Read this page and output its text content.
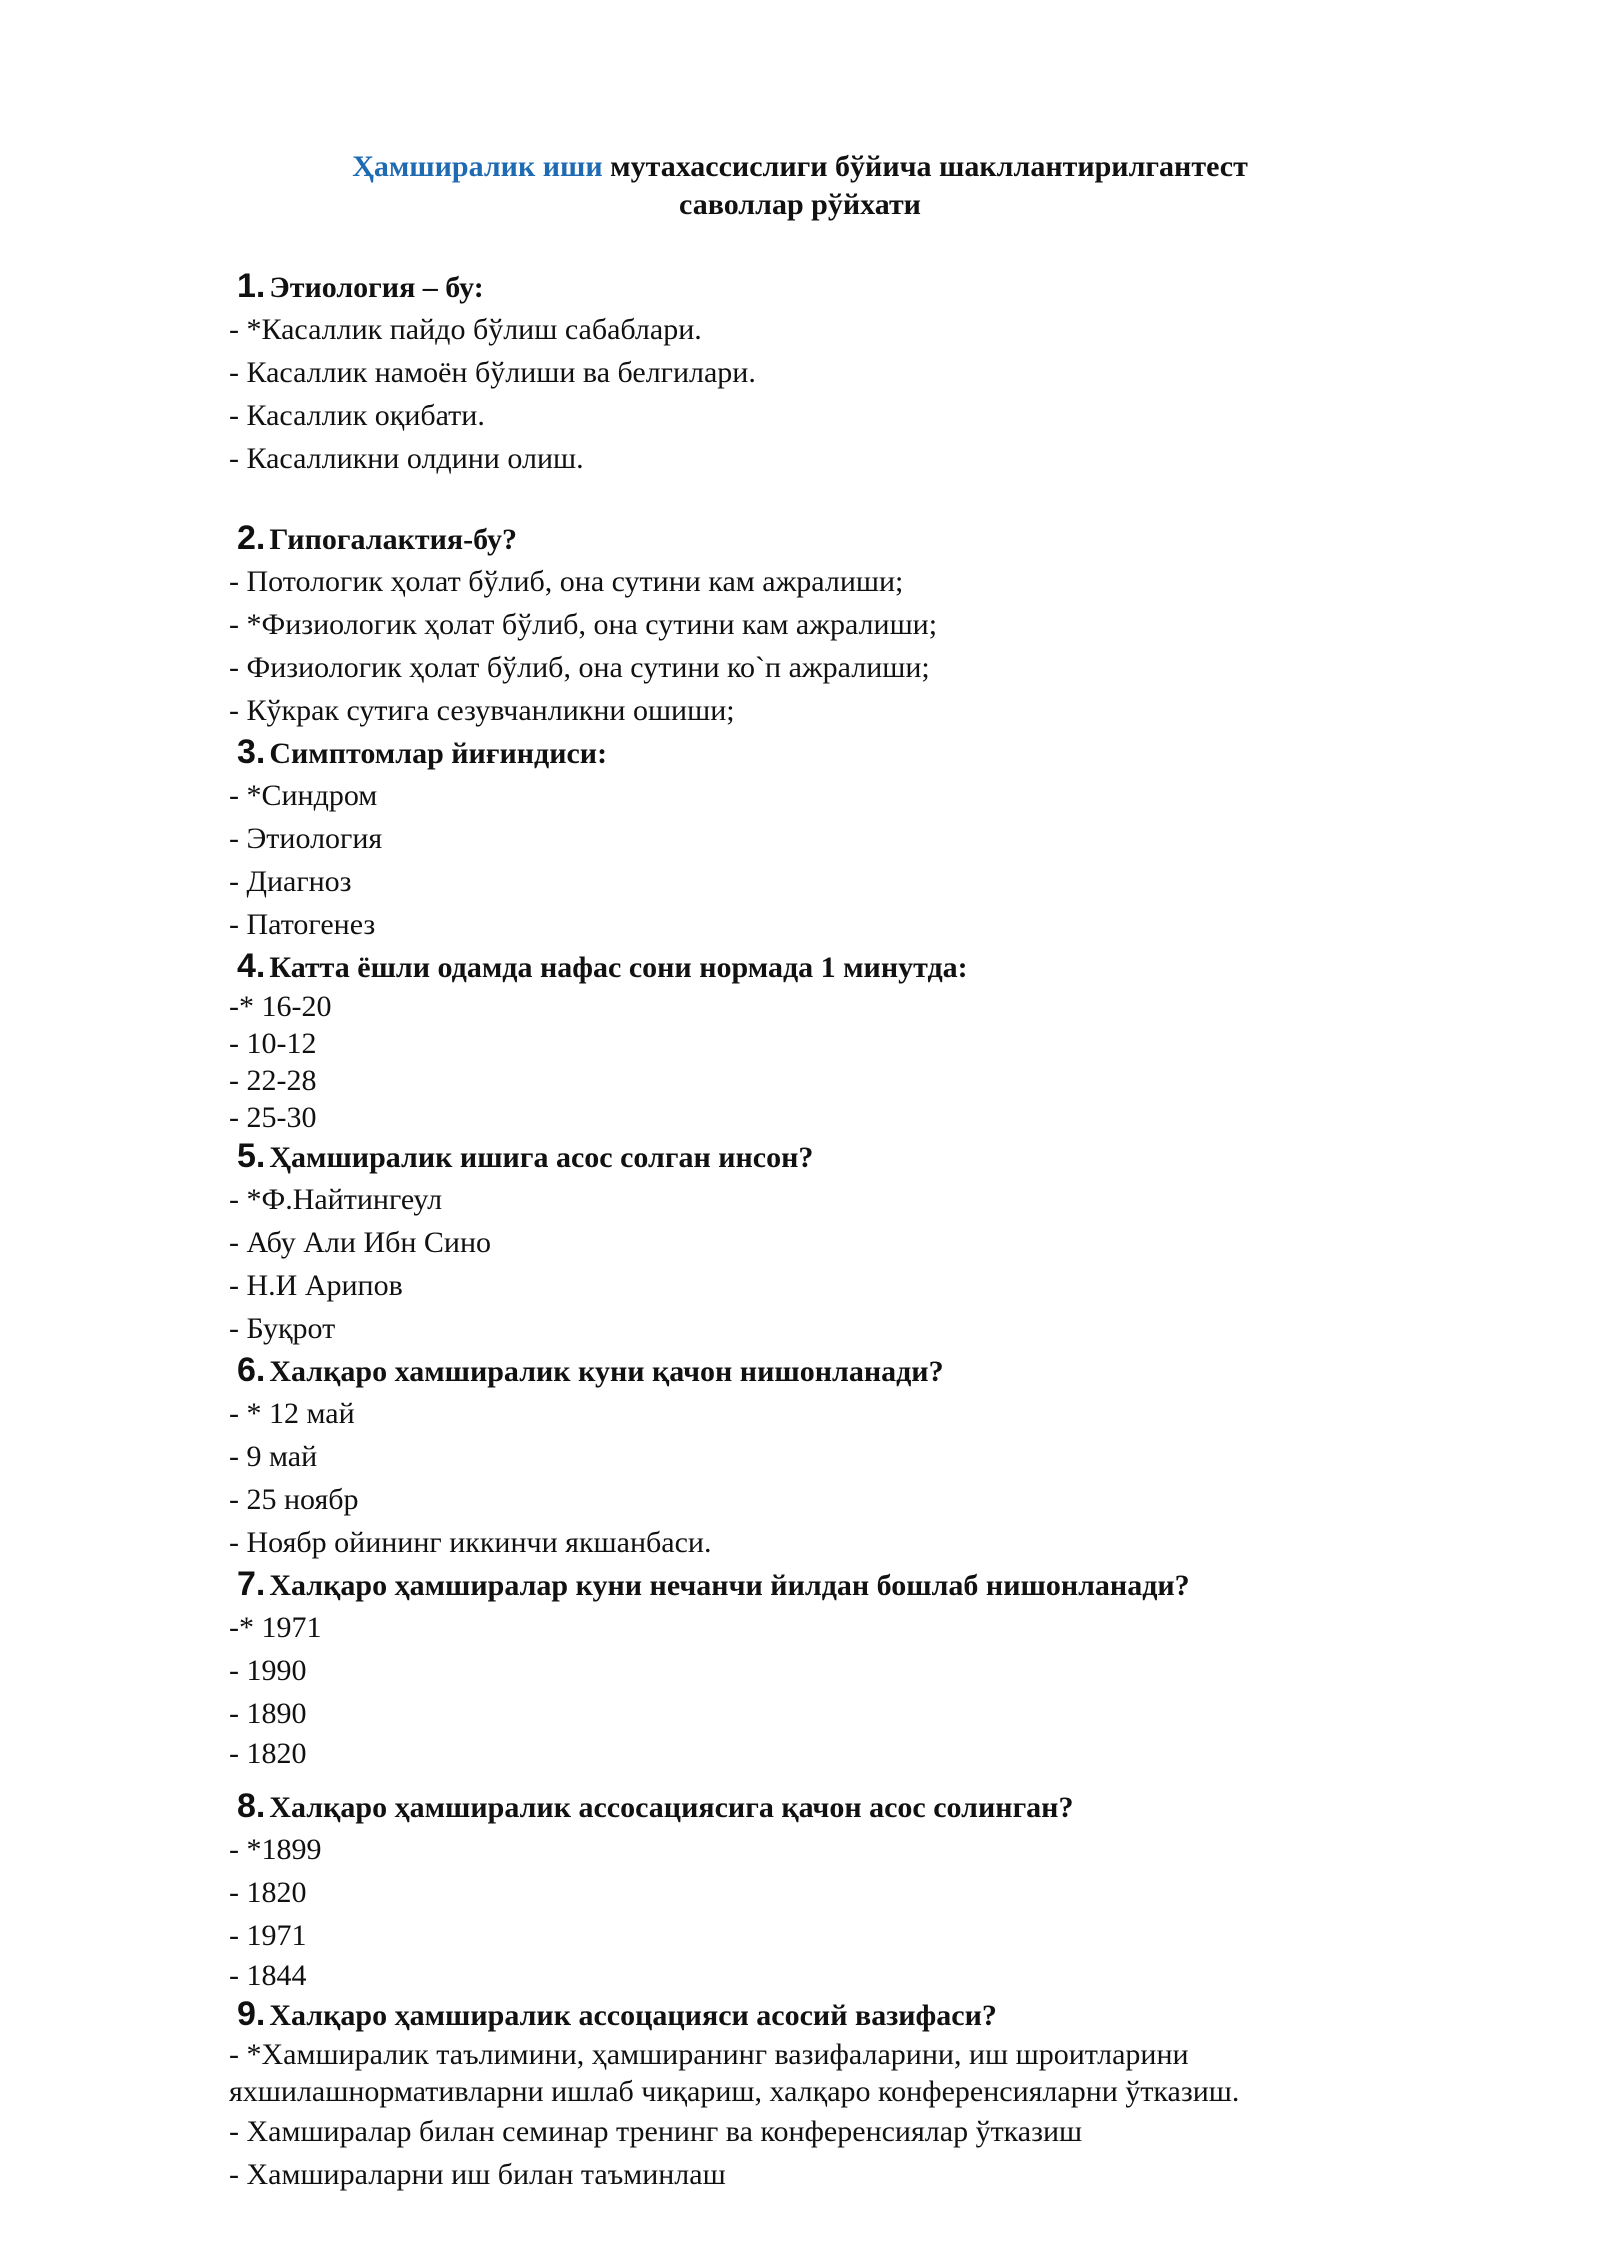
Ҳамширалик иши мутахассислиги бўйича шакллантирилгантест
саволлар рўйхати
1. Этиология – бу:
- *Касаллик пайдо бўлиш сабаблари.
- Касаллик намоён бўлиши ва белгилари.
- Касаллик оқибати.
- Касалликни олдини олиш.
2. Гипогалактия-бу?
- Потологик ҳолат бўлиб, она сутини кам ажралиши;
- *Физиологик ҳолат бўлиб, она сутини кам ажралиши;
- Физиологик ҳолат бўлиб, она сутини ко`п ажралиши;
- Кўкрак сутига сезувчанликни ошиши;
3. Симптомлар йиғиндиси:
- *Синдром
- Этиология
- Диагноз
- Патогенез
4. Катта ёшли одамда нафас сони нормада 1 минутда:
-* 16-20
- 10-12
- 22-28
- 25-30
5. Ҳамширалик ишига асос солган инсон?
- *Ф.Найтингеул
- Абу Али Ибн Сино
- Н.И Арипов
- Буқрот
6. Халқаро хамширалик куни қачон нишонланади?
- * 12 май
- 9 май
- 25 ноябр
- Ноябр ойининг иккинчи якшанбаси.
7. Халқаро ҳамширалар куни нечанчи йилдан бошлаб нишонланади?
-* 1971
- 1990
- 1890
- 1820
8. Халқаро ҳамширалик ассосациясига қачон асос солинган?
- *1899
- 1820
- 1971
- 1844
9. Халқаро ҳамширалик ассоцацияси асосий вазифаси?
- *Хамширалик таълимини, ҳамширанинг вазифаларини, иш шроитларини
яхшилашнормативларни ишлаб чиқариш, халқаро конференсияларни ўтказиш.
- Хамширалар билан семинар тренинг ва конференсиялар ўтказиш
- Хамшираларни иш билан таъминлаш
